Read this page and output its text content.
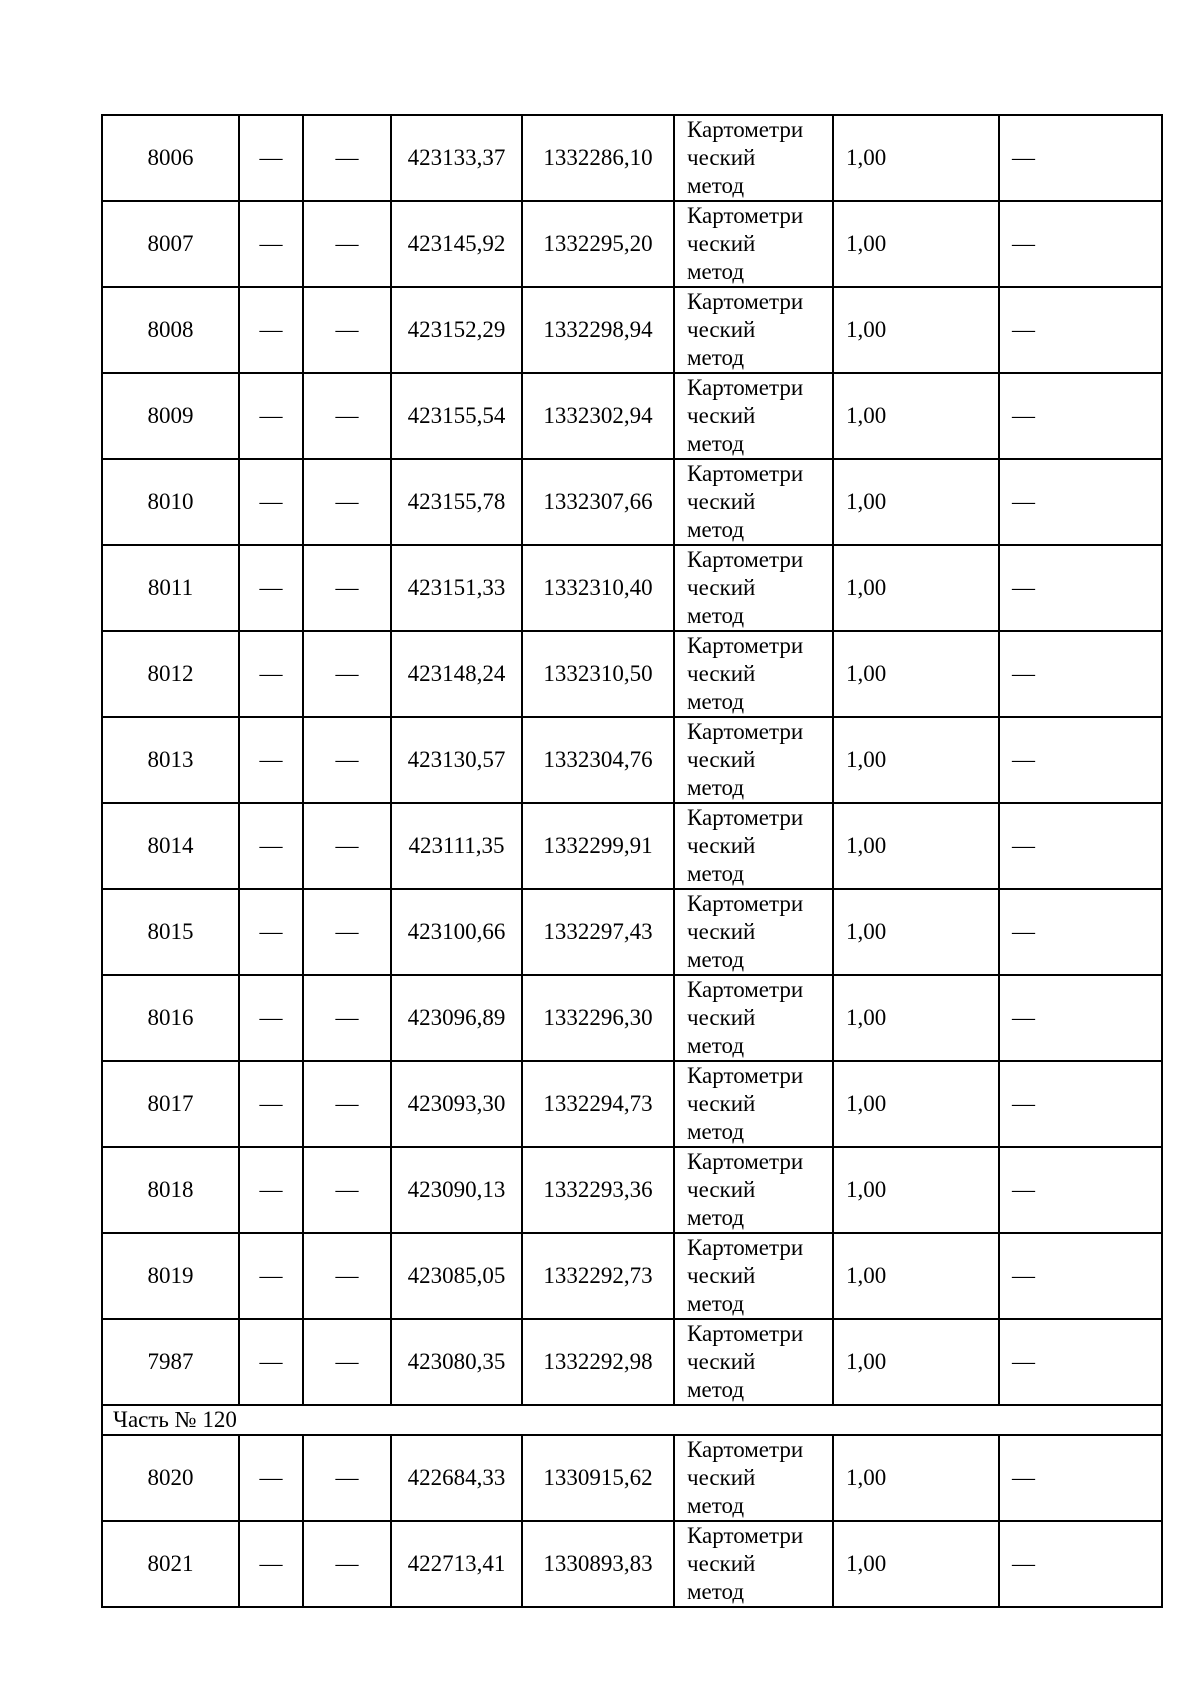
8006	—	—	423133,37	1332286,10	Картометри
ческий
метод	1,00	—
8007	—	—	423145,92	1332295,20	Картометри
ческий
метод	1,00	—
8008	—	—	423152,29	1332298,94	Картометри
ческий
метод	1,00	—
8009	—	—	423155,54	1332302,94	Картометри
ческий
метод	1,00	—
8010	—	—	423155,78	1332307,66	Картометри
ческий
метод	1,00	—
8011	—	—	423151,33	1332310,40	Картометри
ческий
метод	1,00	—
8012	—	—	423148,24	1332310,50	Картометри
ческий
метод	1,00	—
8013	—	—	423130,57	1332304,76	Картометри
ческий
метод	1,00	—
8014	—	—	423111,35	1332299,91	Картометри
ческий
метод	1,00	—
8015	—	—	423100,66	1332297,43	Картометри
ческий
метод	1,00	—
8016	—	—	423096,89	1332296,30	Картометри
ческий
метод	1,00	—
8017	—	—	423093,30	1332294,73	Картометри
ческий
метод	1,00	—
8018	—	—	423090,13	1332293,36	Картометри
ческий
метод	1,00	—
8019	—	—	423085,05	1332292,73	Картометри
ческий
метод	1,00	—
7987	—	—	423080,35	1332292,98	Картометри
ческий
метод	1,00	—
Часть № 120							
8020	—	—	422684,33	1330915,62	Картометри
ческий
метод	1,00	—
8021	—	—	422713,41	1330893,83	Картометри
ческий
метод	1,00	—
